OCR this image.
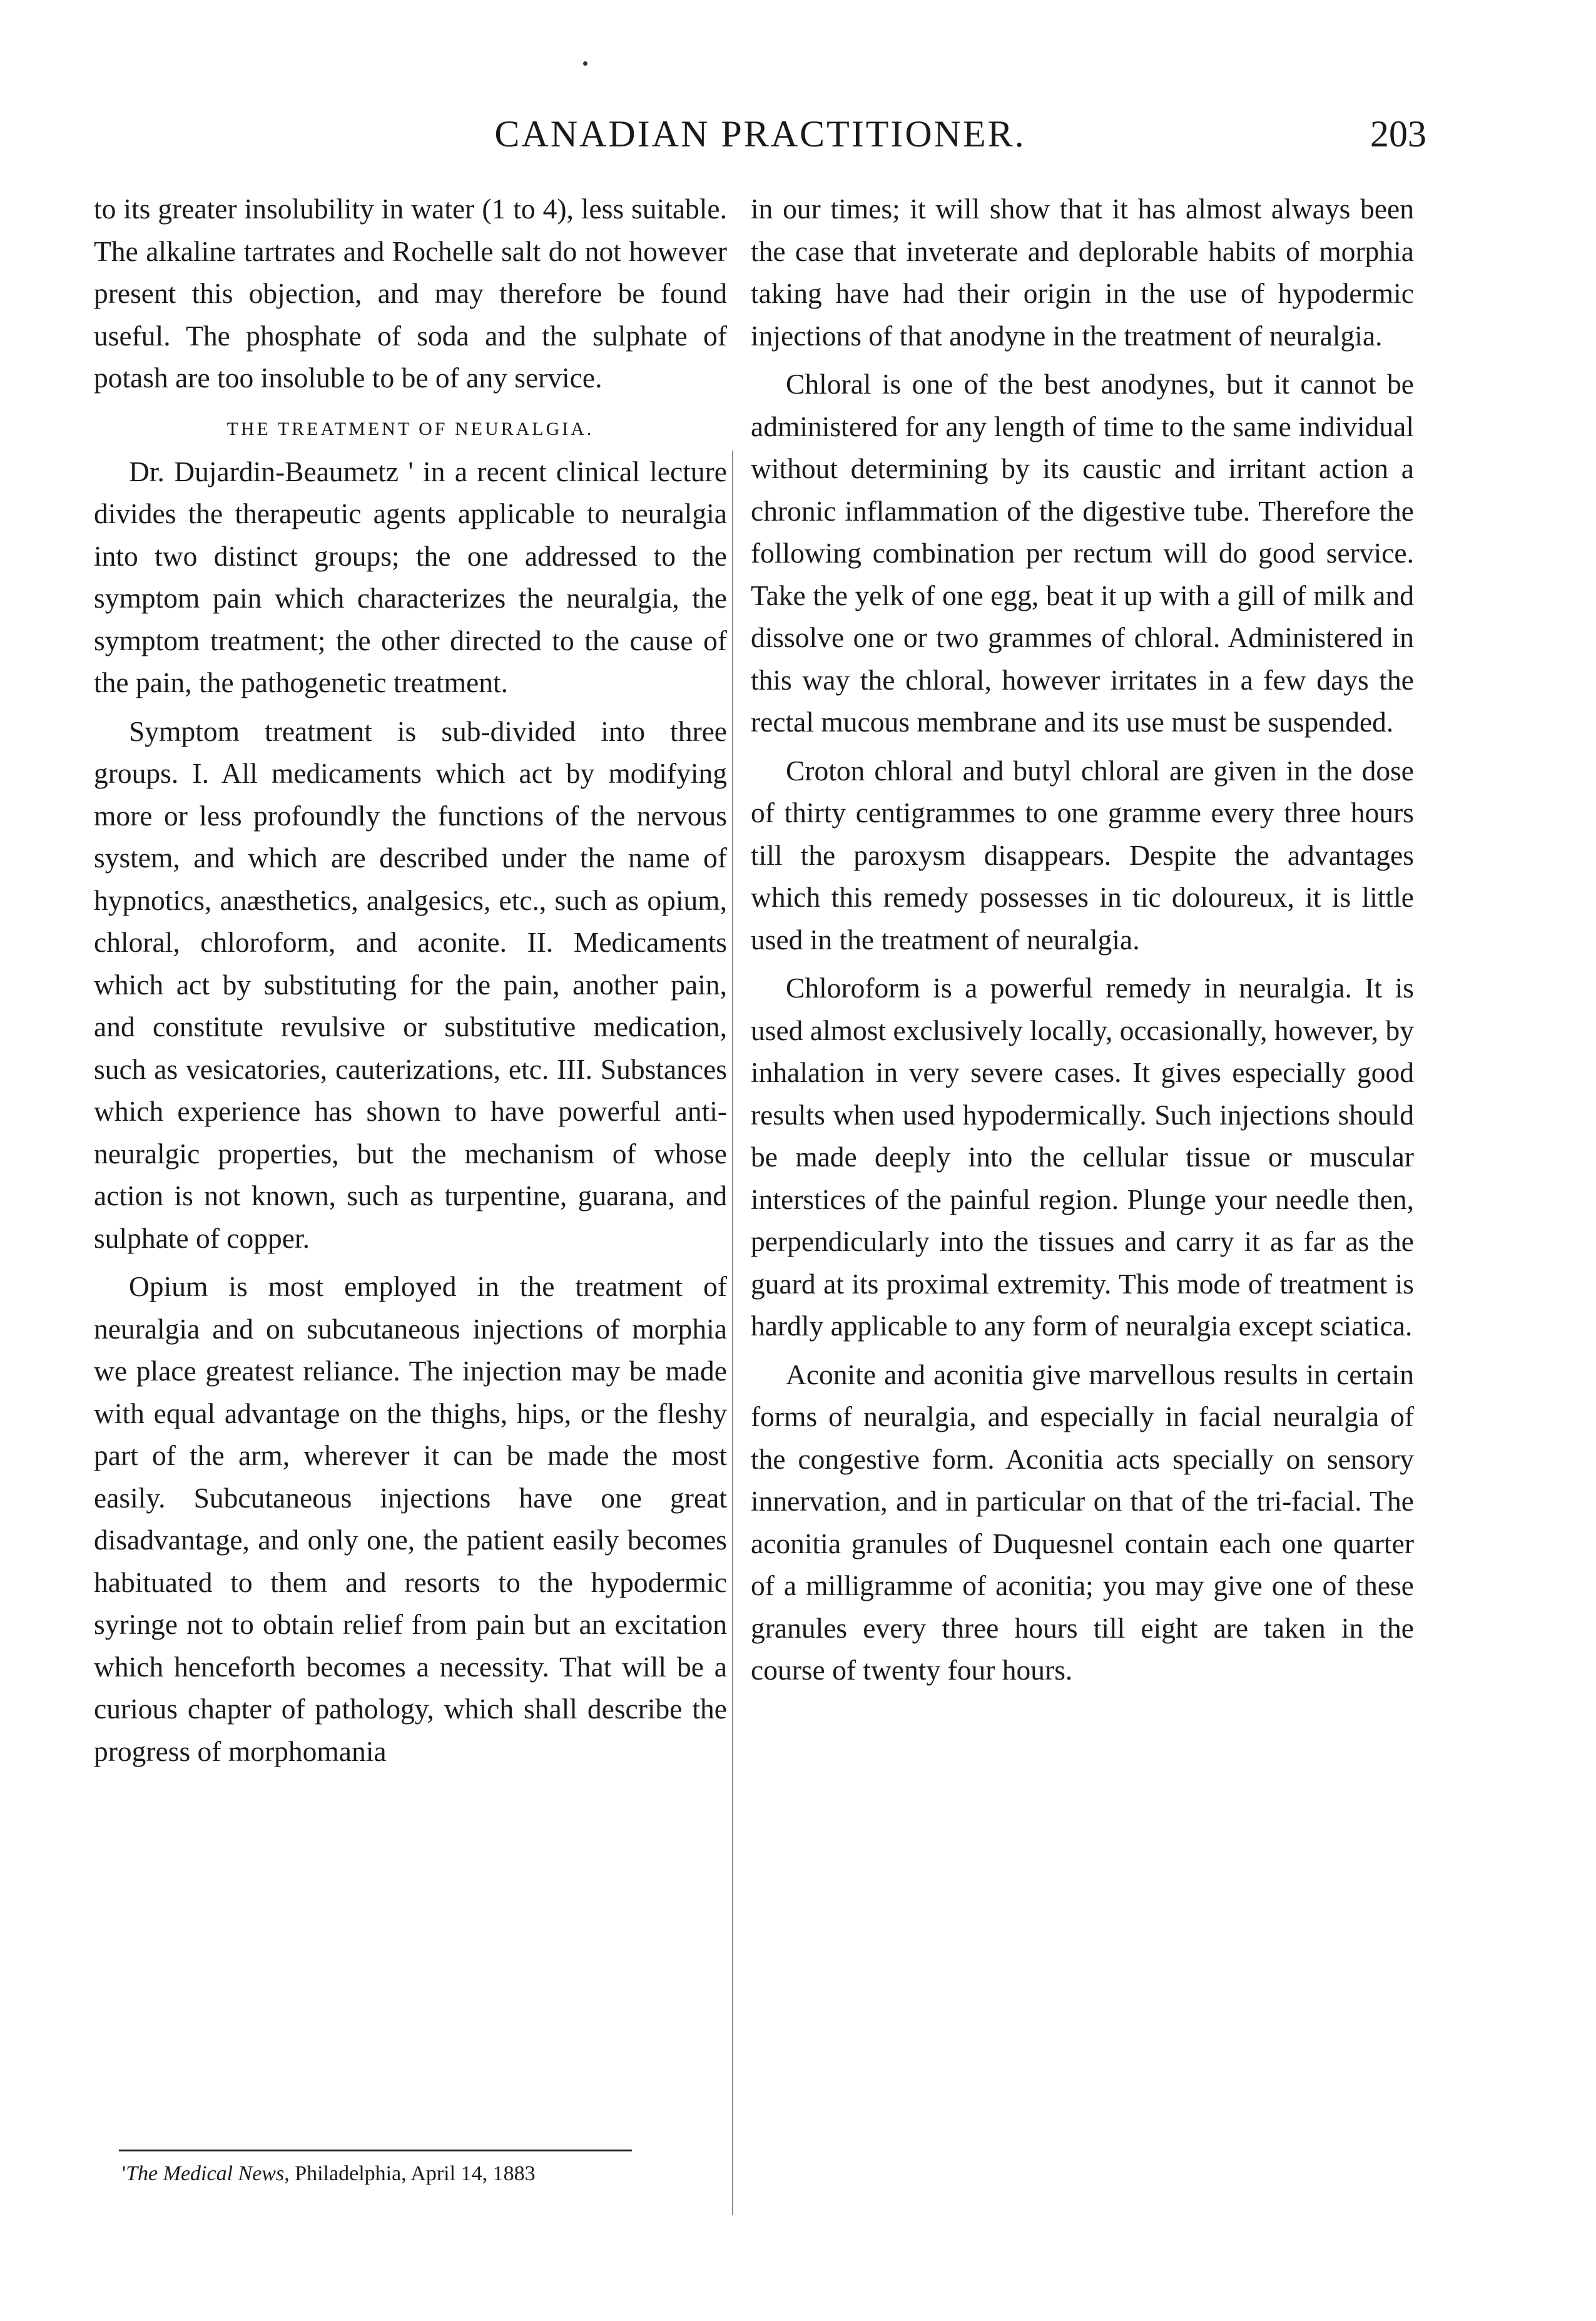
CANADIAN PRACTITIONER.	203

to its greater insolubility in water (1 to 4), less suitable. The alkaline tartrates and Rochelle salt do not however present this objection, and may therefore be found useful. The phosphate of soda and the sulphate of potash are too insoluble to be of any service.

THE TREATMENT OF NEURALGIA.

Dr. Dujardin-Beaumetz ' in a recent clinical lecture divides the therapeutic agents applicable to neuralgia into two distinct groups; the one addressed to the symptom pain which characterizes the neuralgia, the symptom treatment; the other directed to the cause of the pain, the pathogenetic treatment.

Symptom treatment is sub-divided into three groups. I. All medicaments which act by modifying more or less profoundly the functions of the nervous system, and which are described under the name of hypnotics, anæsthetics, analgesics, etc., such as opium, chloral, chloroform, and aconite. II. Medicaments which act by substituting for the pain, another pain, and constitute revulsive or substitutive medication, such as vesicatories, cauterizations, etc. III. Substances which experience has shown to have powerful anti-neuralgic properties, but the mechanism of whose action is not known, such as turpentine, guarana, and sulphate of copper.

Opium is most employed in the treatment of neuralgia and on subcutaneous injections of morphia we place greatest reliance. The injection may be made with equal advantage on the thighs, hips, or the fleshy part of the arm, wherever it can be made the most easily. Subcutaneous injections have one great disadvantage, and only one, the patient easily becomes habituated to them and resorts to the hypodermic syringe not to obtain relief from pain but an excitation which henceforth becomes a necessity. That will be a curious chapter of pathology, which shall describe the progress of morphomania

in our times; it will show that it has almost always been the case that inveterate and deplorable habits of morphia taking have had their origin in the use of hypodermic injections of that anodyne in the treatment of neuralgia.

Chloral is one of the best anodynes, but it cannot be administered for any length of time to the same individual without determining by its caustic and irritant action a chronic inflammation of the digestive tube. Therefore the following combination per rectum will do good service. Take the yelk of one egg, beat it up with a gill of milk and dissolve one or two grammes of chloral. Administered in this way the chloral, however irritates in a few days the rectal mucous membrane and its use must be suspended.

Croton chloral and butyl chloral are given in the dose of thirty centigrammes to one gramme every three hours till the paroxysm disappears. Despite the advantages which this remedy possesses in tic doloureux, it is little used in the treatment of neuralgia.

Chloroform is a powerful remedy in neuralgia. It is used almost exclusively locally, occasionally, however, by inhalation in very severe cases. It gives especially good results when used hypodermically. Such injections should be made deeply into the cellular tissue or muscular interstices of the painful region. Plunge your needle then, perpendicularly into the tissues and carry it as far as the guard at its proximal extremity. This mode of treatment is hardly applicable to any form of neuralgia except sciatica.

Aconite and aconitia give marvellous results in certain forms of neuralgia, and especially in facial neuralgia of the congestive form. Aconitia acts specially on sensory innervation, and in particular on that of the tri-facial. The aconitia granules of Duquesnel contain each one quarter of a milligramme of aconitia; you may give one of these granules every three hours till eight are taken in the course of twenty four hours.

'The Medical News, Philadelphia, April 14, 1883
